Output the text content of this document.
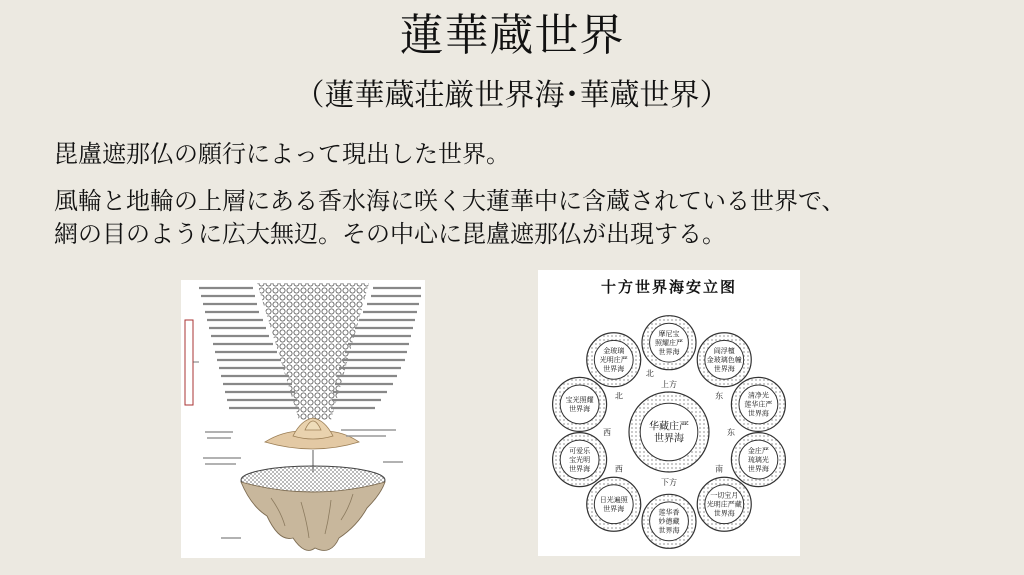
蓮華蔵世界
（蓮華蔵荘厳世界海･華蔵世界）
毘盧遮那仏の願行によって現出した世界。
風輪と地輪の上層にある香水海に咲く大蓮華中に含蔵されている世界で、
網の目のように広大無辺。その中心に毘盧遮那仏が出現する。
十方世界海安立图
华藏庄严
世界海
摩尼宝
照耀庄严
世界海	阎浮檀
金玻璃色幢
世界海
清净光
莲华庄严
世界海
金庄严
琉璃光
世界海
一切宝月
光明庄严藏
世界海
莲华香
妙德藏
世界海
日光遍照
世界海
可爱乐
宝光明
世界海
宝光照耀
世界海
金玻璃
光明庄严
世界海
上方
东
东
南
下方
西
西
北
北
